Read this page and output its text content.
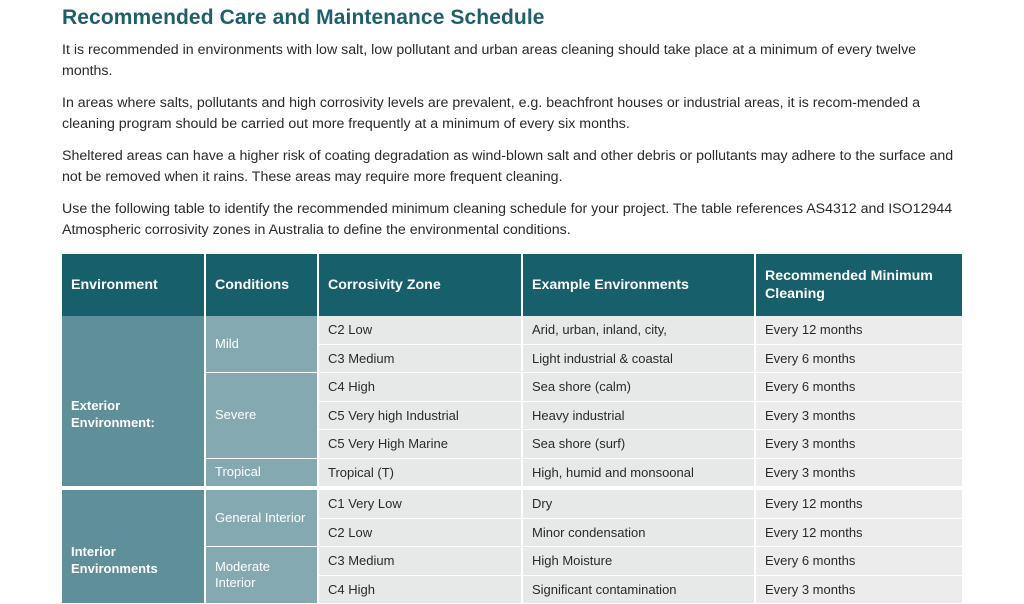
Recommended Care and Maintenance Schedule
It is recommended in environments with low salt, low pollutant and urban areas cleaning should take place at a minimum of every twelve months.
In areas where salts, pollutants and high corrosivity levels are prevalent, e.g. beachfront houses or industrial areas, it is recom-mended a cleaning program should be carried out more frequently at a minimum of every six months.
Sheltered areas can have a higher risk of coating degradation as wind-blown salt and other debris or pollutants may adhere to the surface and not be removed when it rains. These areas may require more frequent cleaning.
Use the following table to identify the recommended minimum cleaning schedule for your project. The table references AS4312 and ISO12944 Atmospheric corrosivity zones in Australia to define the environmental conditions.
Environment	Conditions	Corrosivity Zone	Example Environments	Recommended Minimum Cleaning
Exterior Environment:	Mild	C2 Low	Arid, urban, inland, city,	Every 12 months
		C3 Medium	Light industrial & coastal	Every 6 months
	Severe	C4 High	Sea shore (calm)	Every 6 months
		C5 Very high Industrial	Heavy industrial	Every 3 months
		C5 Very High Marine	Sea shore (surf)	Every 3 months
	Tropical	Tropical (T)	High, humid and monsoonal	Every 3 months
Interior Environments	General Interior	C1 Very Low	Dry	Every 12 months
		C2 Low	Minor condensation	Every 12 months
	Moderate Interior	C3 Medium	High Moisture	Every 6 months
		C4 High	Significant contamination	Every 3 months
